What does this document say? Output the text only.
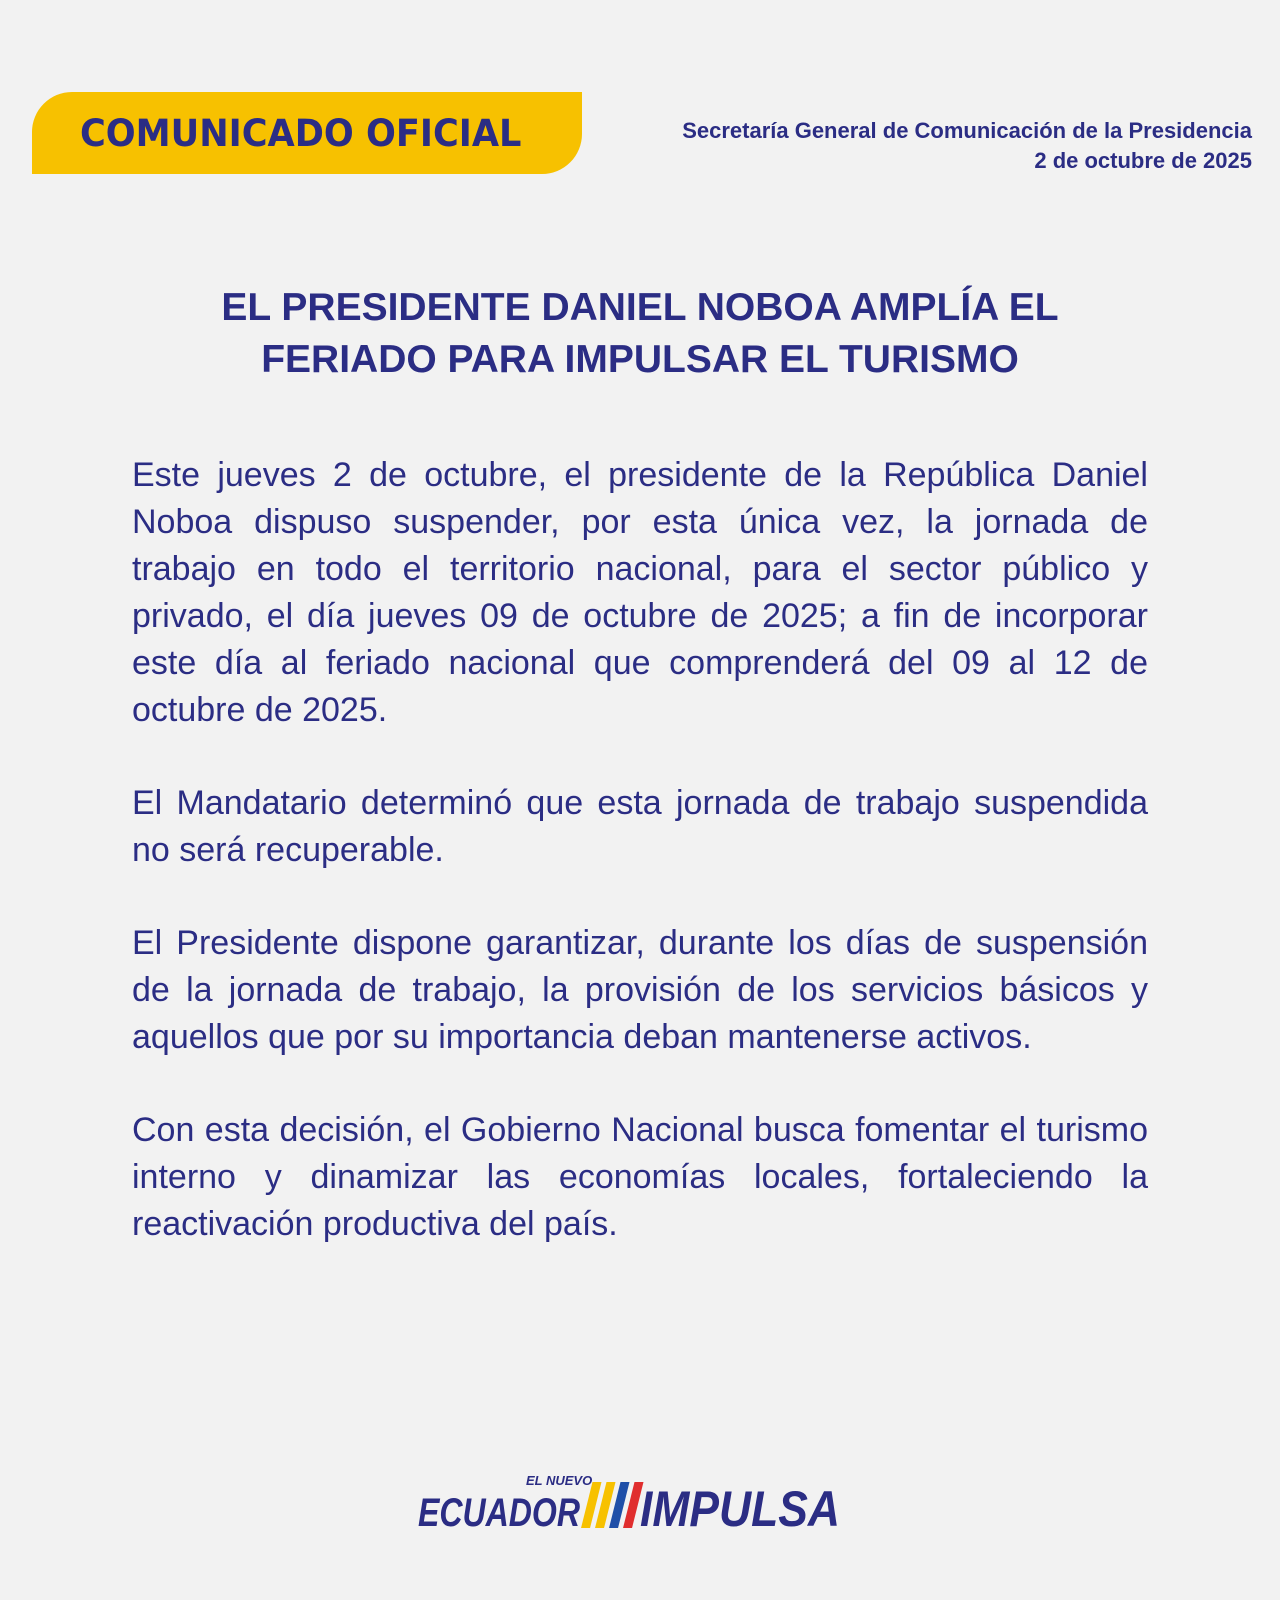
COMUNICADO OFICIAL	Secretaría General de Comunicación de la Presidencia
2 de octubre de 2025
EL PRESIDENTE DANIEL NOBOA AMPLÍA EL
FERIADO PARA IMPULSAR EL TURISMO

Este jueves 2 de octubre, el presidente de la República Daniel Noboa dispuso suspender, por esta única vez, la jornada de trabajo en todo el territorio nacional, para el sector público y privado, el día jueves 09 de octubre de 2025; a fin de incorporar este día al feriado nacional que comprenderá del 09 al 12 de octubre de 2025.

El Mandatario determinó que esta jornada de trabajo suspendida no será recuperable.

El Presidente dispone garantizar, durante los días de suspensión de la jornada de trabajo, la provisión de los servicios básicos y aquellos que por su importancia deban mantenerse activos.

Con esta decisión, el Gobierno Nacional busca fomentar el turismo interno y dinamizar las economías locales, fortaleciendo la reactivación productiva del país.

EL NUEVO
ECUADOR IMPULSA
